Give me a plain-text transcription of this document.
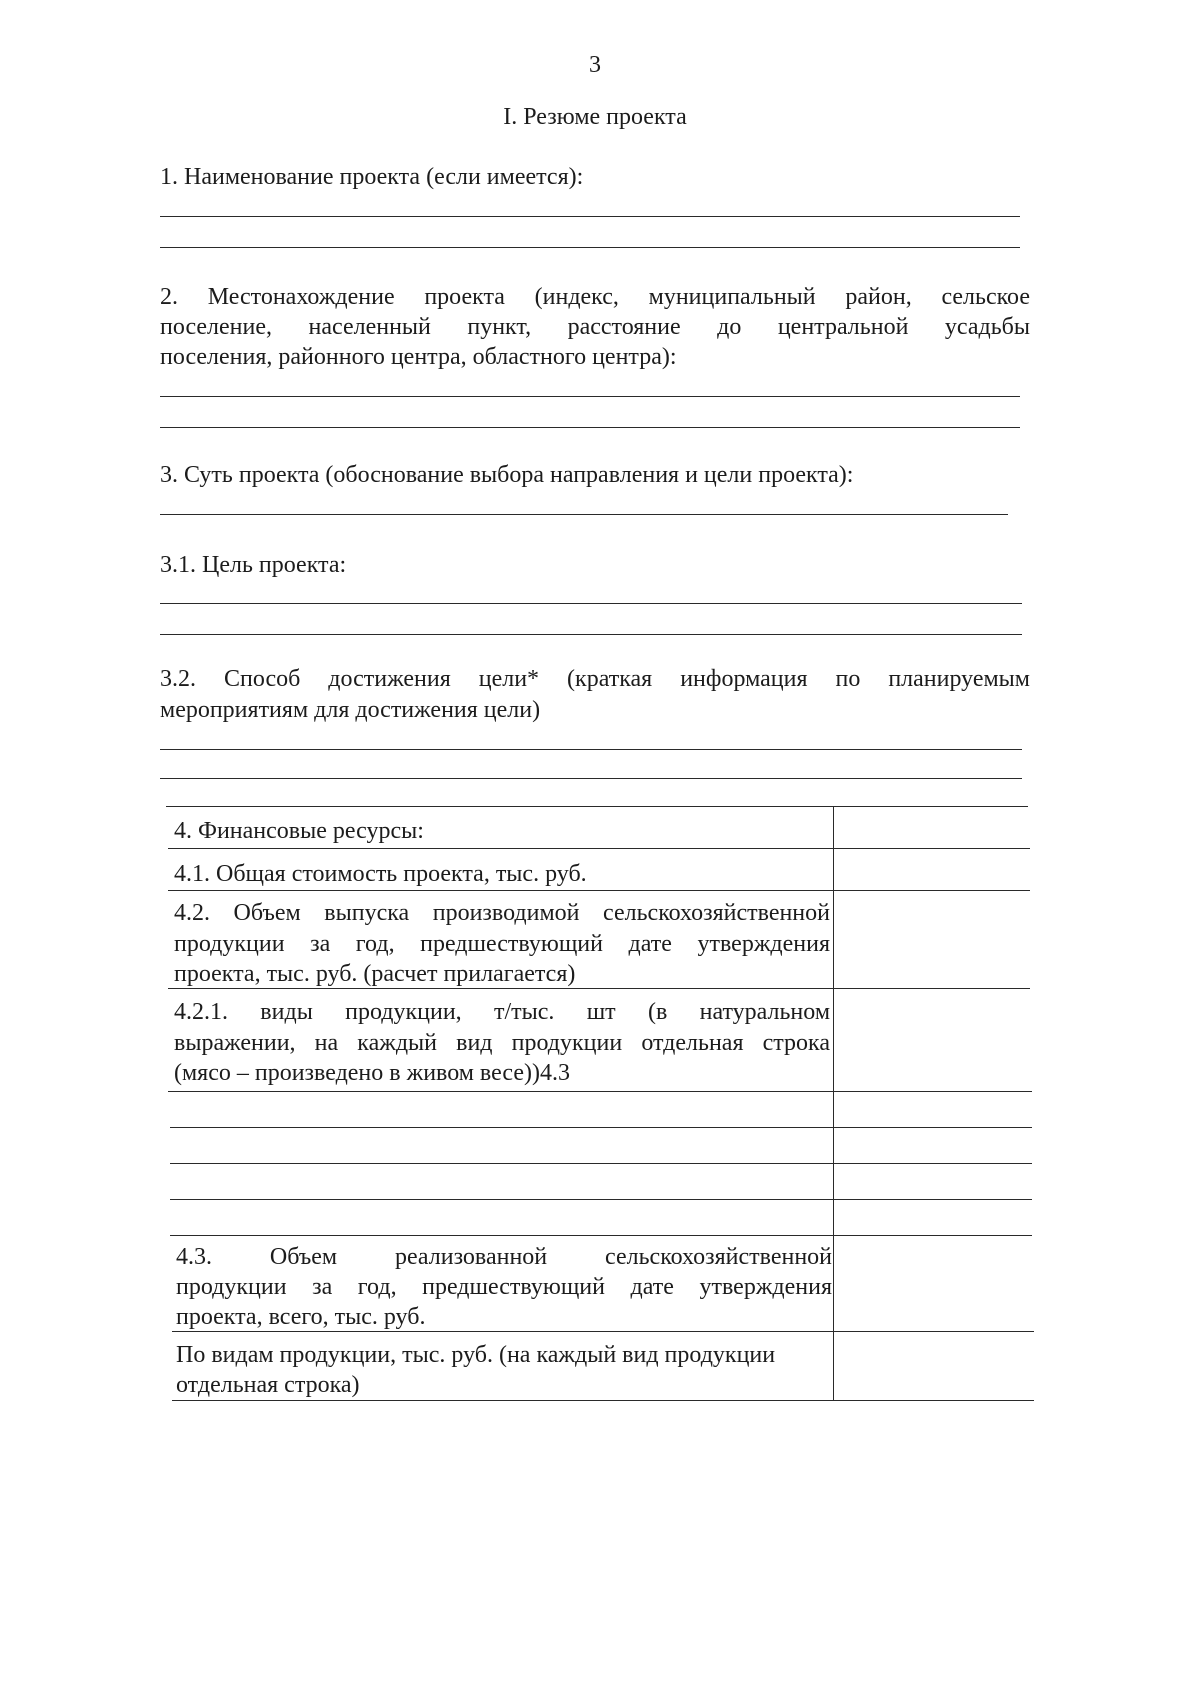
3
I. Резюме проекта
1. Наименование проекта (если имеется):
2. Местонахождение проекта (индекс, муниципальный район, сельское
поселение, населенный пункт, расстояние до центральной усадьбы
поселения, районного центра, областного центра):
3. Суть проекта (обоснование выбора направления и цели проекта):
3.1. Цель проекта:
3.2. Способ достижения цели* (краткая информация по планируемым
мероприятиям для достижения цели)
4. Финансовые ресурсы:
4.1. Общая стоимость проекта, тыс. руб.
4.2. Объем выпуска производимой сельскохозяйственной
продукции за год, предшествующий дате утверждения
проекта, тыс. руб. (расчет прилагается)
4.2.1. виды продукции, т/тыс. шт (в натуральном
выражении, на каждый вид продукции отдельная строка
(мясо – произведено в живом весе))4.3
4.3. Объем реализованной сельскохозяйственной
продукции за год, предшествующий дате утверждения
проекта, всего, тыс. руб.
По видам продукции, тыс. руб. (на каждый вид продукции
отдельная строка)
